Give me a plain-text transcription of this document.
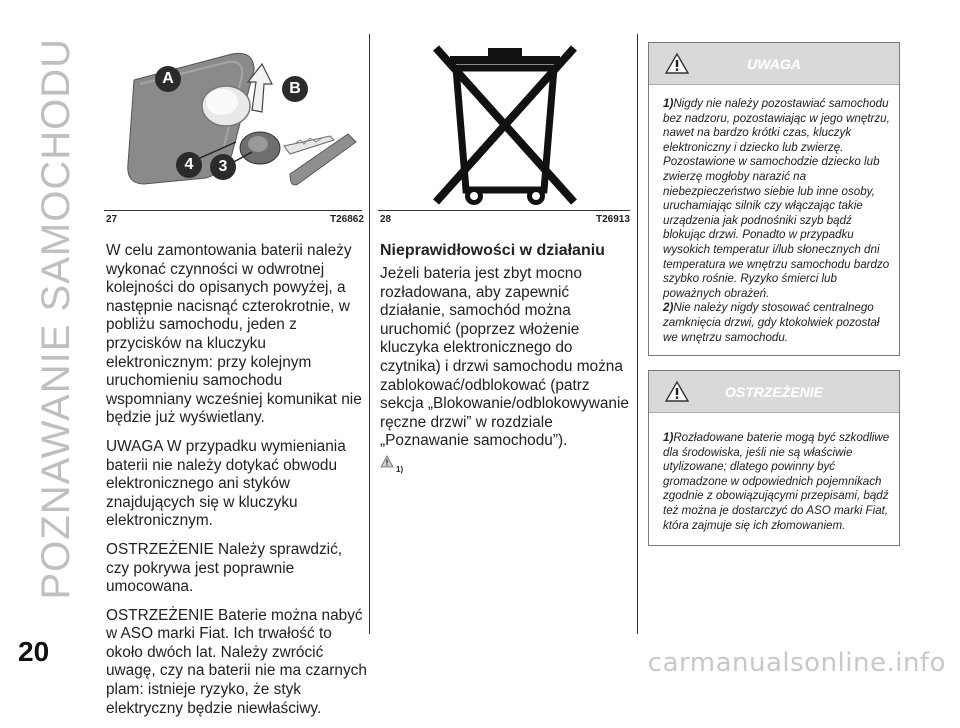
POZNAWANIE SAMOCHODU	A
B
4	3
27	T26862 28	T26913

W celu zamontowania baterii należy wykonać czynności w odwrotnej kolejności do opisanych powyżej, a następnie nacisnąć czterokrotnie, w pobliżu samochodu, jeden z przycisków na kluczyku elektronicznym: przy kolejnym uruchomieniu samochodu wspomniany wcześniej komunikat nie będzie już wyświetlany.

UWAGA W przypadku wymieniania baterii nie należy dotykać obwodu elektronicznego ani styków znajdujących się w kluczyku elektronicznym.

OSTRZEŻENIE Należy sprawdzić, czy pokrywa jest poprawnie umocowana.

OSTRZEŻENIE Baterie można nabyć w ASO marki Fiat. Ich trwałość to około dwóch lat. Należy zwrócić uwagę, czy na baterii nie ma czarnych plam: istnieje ryzyko, że styk elektryczny będzie niewłaściwy.

Nieprawidłowości w działaniu

Jeżeli bateria jest zbyt mocno rozładowana, aby zapewnić działanie, samochód można uruchomić (poprzez włożenie kluczyka elektronicznego do czytnika) i drzwi samochodu można zablokować/odblokować (patrz sekcja „Blokowanie/odblokowywanie ręczne drzwi” w rozdziale „Poznawanie samochodu”).

1)
UWAGA
1)Nigdy nie należy pozostawiać samochodu bez nadzoru, pozostawiając w jego wnętrzu, nawet na bardzo krótki czas, kluczyk elektroniczny i dziecko lub zwierzę. Pozostawione w samochodzie dziecko lub zwierzę mogłoby narazić na niebezpieczeństwo siebie lub inne osoby, uruchamiając silnik czy włączając takie urządzenia jak podnośniki szyb bądź blokując drzwi. Ponadto w przypadku wysokich temperatur i/lub słonecznych dni temperatura we wnętrzu samochodu bardzo szybko rośnie. Ryzyko śmierci lub poważnych obrażeń.
2)Nie należy nigdy stosować centralnego zamknięcia drzwi, gdy ktokolwiek pozostał we wnętrzu samochodu.
OSTRZEŻENIE
1)Rozładowane baterie mogą być szkodliwe dla środowiska, jeśli nie są właściwie utylizowane; dlatego powinny być gromadzone w odpowiednich pojemnikach zgodnie z obowiązującymi przepisami, bądź też można je dostarczyć do ASO marki Fiat, która zajmuje się ich złomowaniem.
20	carmanualsonline.info
